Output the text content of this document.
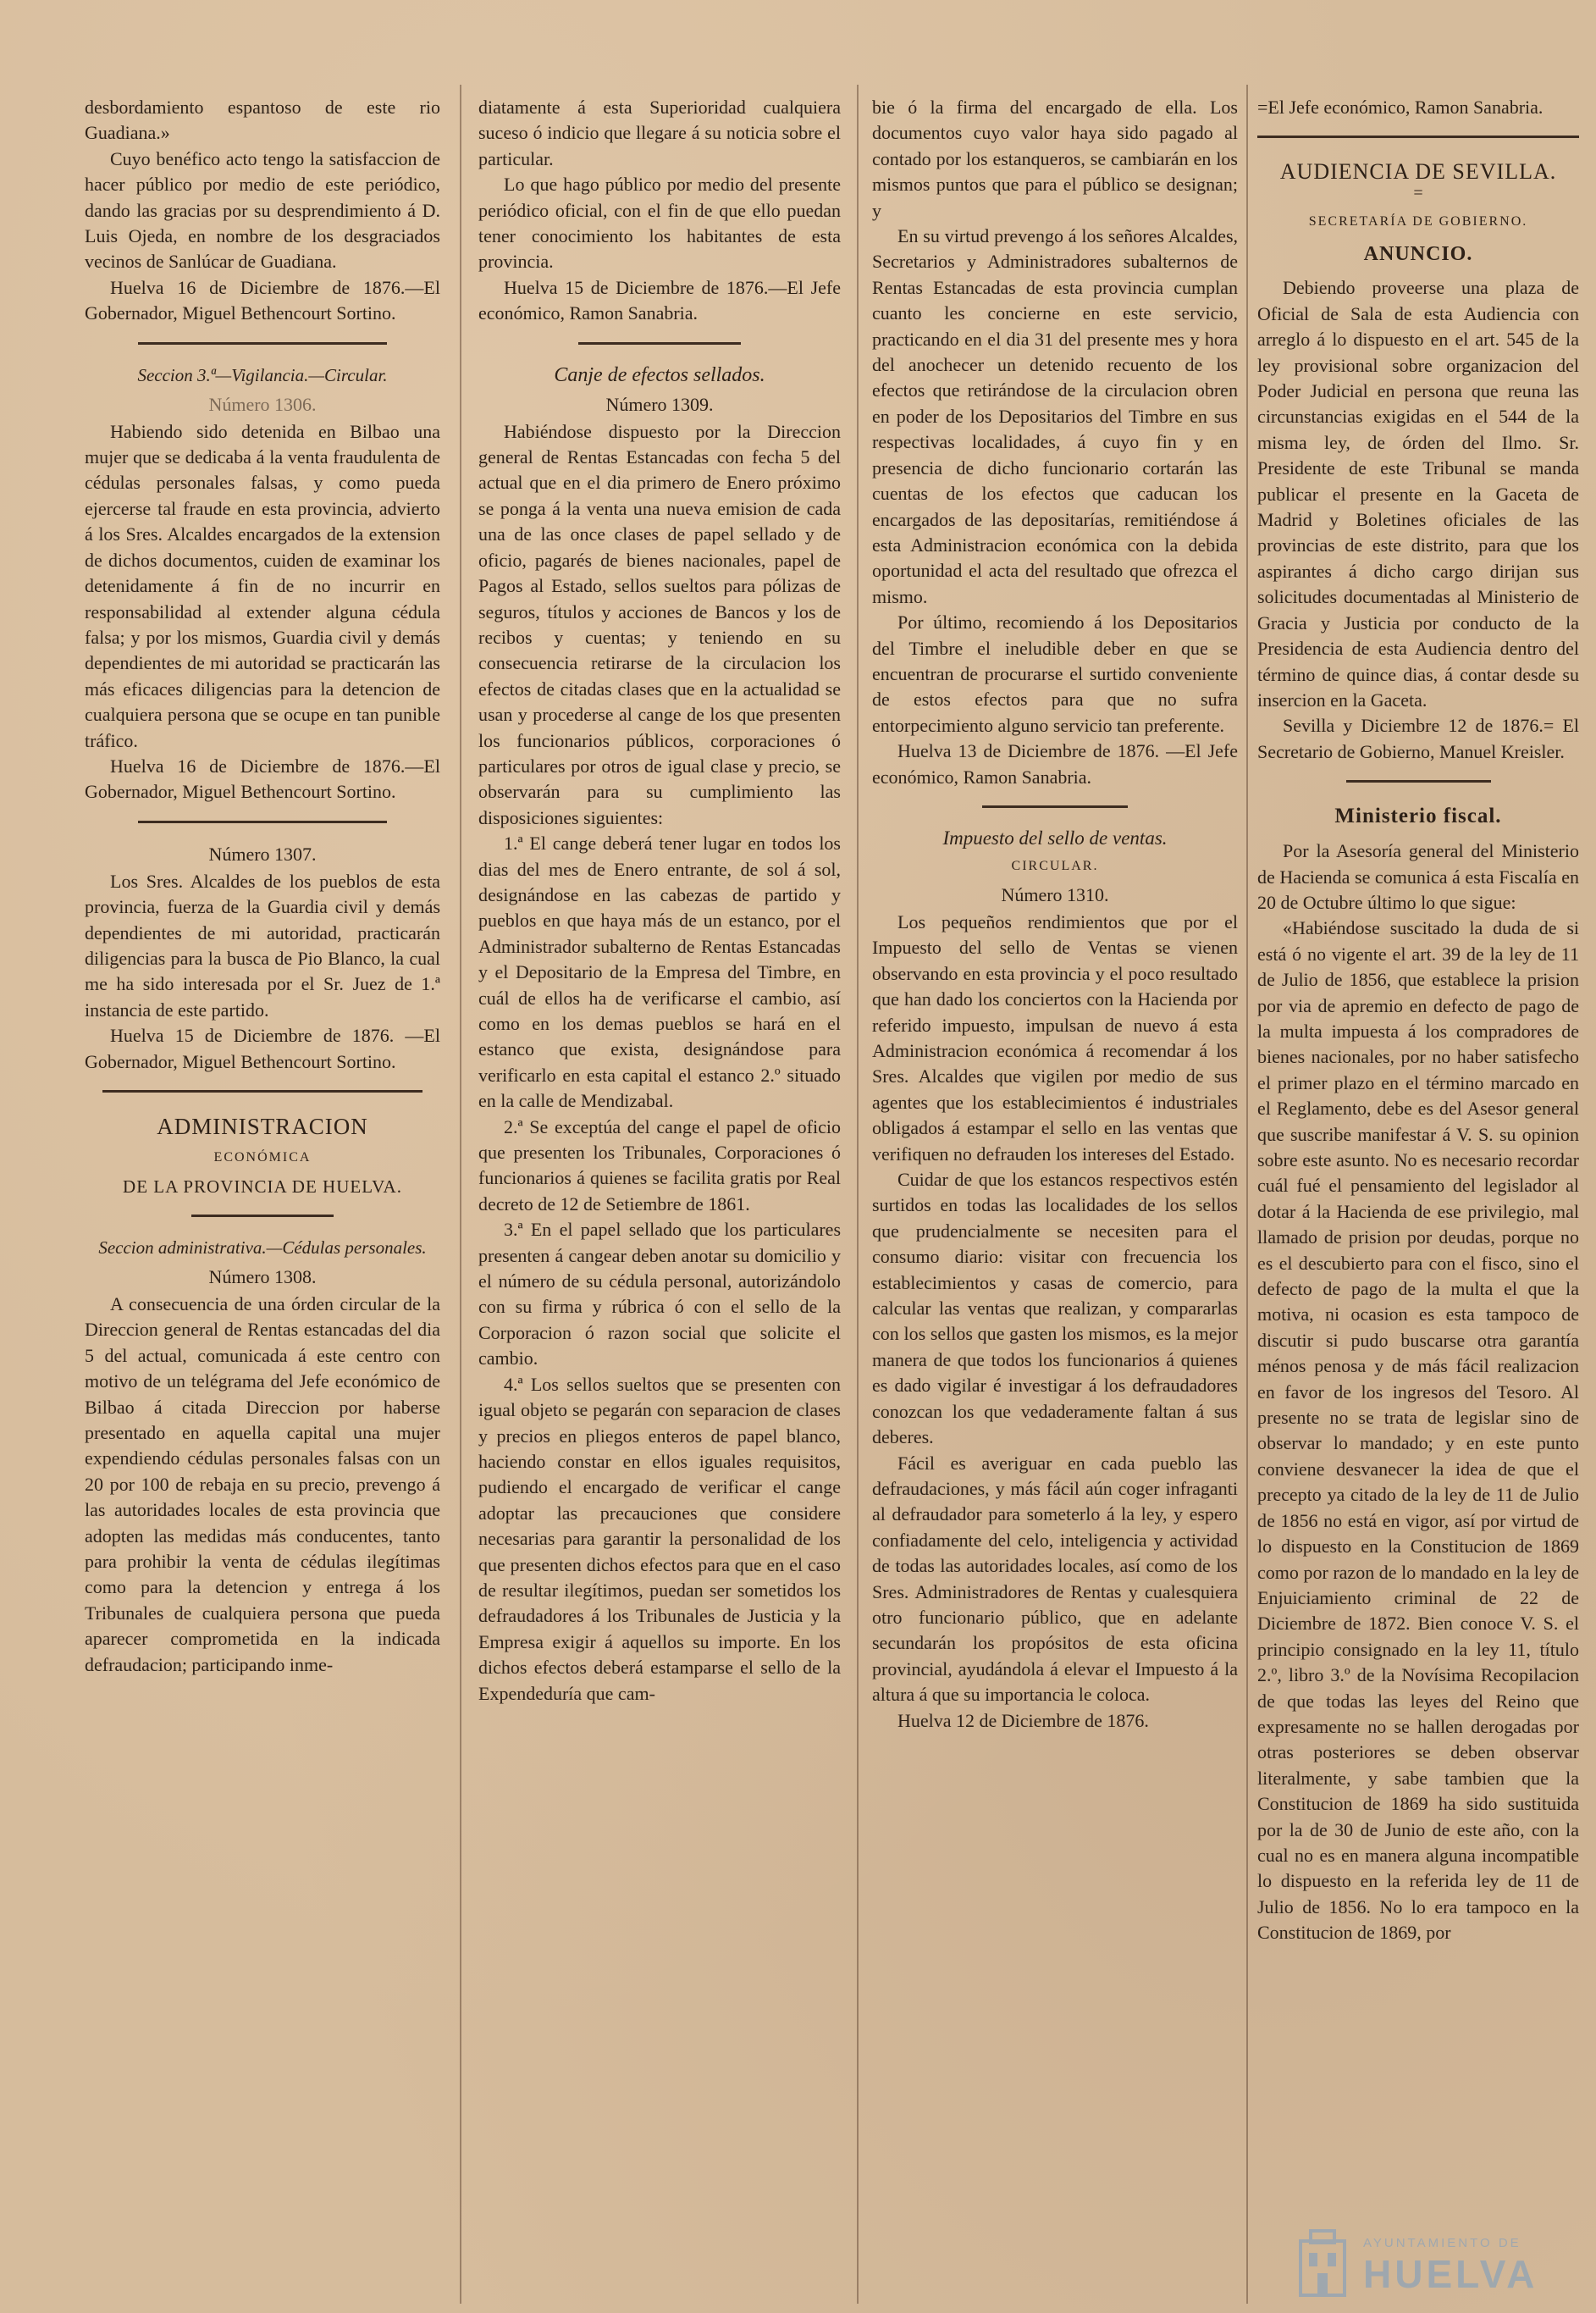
desbordamiento espantoso de este rio Guadiana.»

Cuyo benéfico acto tengo la satisfaccion de hacer público por medio de este periódico, dando las gracias por su desprendimiento á D. Luis Ojeda, en nombre de los desgraciados vecinos de Sanlúcar de Guadiana.

Huelva 16 de Diciembre de 1876.—El Gobernador, Miguel Bethencourt Sortino.

Seccion 3.ª—Vigilancia.—Circular.
Número 1306.

Habiendo sido detenida en Bilbao una mujer que se dedicaba á la venta fraudulenta de cédulas personales falsas, y como pueda ejercerse tal fraude en esta provincia, advierto á los Sres. Alcaldes encargados de la extension de dichos documentos, cuiden de examinar los detenidamente á fin de no incurrir en responsabilidad al extender alguna cédula falsa; y por los mismos, Guardia civil y demás dependientes de mi autoridad se practicarán las más eficaces diligencias para la detencion de cualquiera persona que se ocupe en tan punible tráfico.

Huelva 16 de Diciembre de 1876.—El Gobernador, Miguel Bethencourt Sortino.

Número 1307.

Los Sres. Alcaldes de los pueblos de esta provincia, fuerza de la Guardia civil y demás dependientes de mi autoridad, practicarán diligencias para la busca de Pio Blanco, la cual me ha sido interesada por el Sr. Juez de 1.ª instancia de este partido.

Huelva 15 de Diciembre de 1876. —El Gobernador, Miguel Bethencourt Sortino.

ADMINISTRACION
ECONÓMICA
DE LA PROVINCIA DE HUELVA.
Seccion administrativa.—Cédulas personales.
Número 1308.

A consecuencia de una órden circular de la Direccion general de Rentas estancadas del dia 5 del actual, comunicada á este centro con motivo de un telégrama del Jefe económico de Bilbao á citada Direccion por haberse presentado en aquella capital una mujer expendiendo cédulas personales falsas con un 20 por 100 de rebaja en su precio, prevengo á las autoridades locales de esta provincia que adopten las medidas más conducentes, tanto para prohibir la venta de cédulas ilegítimas como para la detencion y entrega á los Tribunales de cualquiera persona que pueda aparecer comprometida en la indicada defraudacion; participando inme-

diatamente á esta Superioridad cualquiera suceso ó indicio que llegare á su noticia sobre el particular.

Lo que hago público por medio del presente periódico oficial, con el fin de que ello puedan tener conocimiento los habitantes de esta provincia.

Huelva 15 de Diciembre de 1876.—El Jefe económico, Ramon Sanabria.

Canje de efectos sellados.
Número 1309.

Habiéndose dispuesto por la Direccion general de Rentas Estancadas con fecha 5 del actual que en el dia primero de Enero próximo se ponga á la venta una nueva emision de cada una de las once clases de papel sellado y de oficio, pagarés de bienes nacionales, papel de Pagos al Estado, sellos sueltos para pólizas de seguros, títulos y acciones de Bancos y los de recibos y cuentas; y teniendo en su consecuencia retirarse de la circulacion los efectos de citadas clases que en la actualidad se usan y procederse al cange de los que presenten los funcionarios públicos, corporaciones ó particulares por otros de igual clase y precio, se observarán para su cumplimiento las disposiciones siguientes:

1.ª El cange deberá tener lugar en todos los dias del mes de Enero entrante, de sol á sol, designándose en las cabezas de partido y pueblos en que haya más de un estanco, por el Administrador subalterno de Rentas Estancadas y el Depositario de la Empresa del Timbre, en cuál de ellos ha de verificarse el cambio, así como en los demas pueblos se hará en el estanco que exista, designándose para verificarlo en esta capital el estanco 2.º situado en la calle de Mendizabal.

2.ª Se exceptúa del cange el papel de oficio que presenten los Tribunales, Corporaciones ó funcionarios á quienes se facilita gratis por Real decreto de 12 de Setiembre de 1861.

3.ª En el papel sellado que los particulares presenten á cangear deben anotar su domicilio y el número de su cédula personal, autorizándolo con su firma y rúbrica ó con el sello de la Corporacion ó razon social que solicite el cambio.

4.ª Los sellos sueltos que se presenten con igual objeto se pegarán con separacion de clases y precios en pliegos enteros de papel blanco, haciendo constar en ellos iguales requisitos, pudiendo el encargado de verificar el cange adoptar las precauciones que considere necesarias para garantir la personalidad de los que presenten dichos efectos para que en el caso de resultar ilegítimos, puedan ser sometidos los defraudadores á los Tribunales de Justicia y la Empresa exigir á aquellos su importe. En los dichos efectos deberá estamparse el sello de la Expendeduría que cam-

bie ó la firma del encargado de ella. Los documentos cuyo valor haya sido pagado al contado por los estanqueros, se cambiarán en los mismos puntos que para el público se designan; y

En su virtud prevengo á los señores Alcaldes, Secretarios y Administradores subalternos de Rentas Estancadas de esta provincia cumplan cuanto les concierne en este servicio, practicando en el dia 31 del presente mes y hora del anochecer un detenido recuento de los efectos que retirándose de la circulacion obren en poder de los Depositarios del Timbre en sus respectivas localidades, á cuyo fin y en presencia de dicho funcionario cortarán las cuentas de los efectos que caducan los encargados de las depositarías, remitiéndose á esta Administracion económica con la debida oportunidad el acta del resultado que ofrezca el mismo.

Por último, recomiendo á los Depositarios del Timbre el ineludible deber en que se encuentran de procurarse el surtido conveniente de estos efectos para que no sufra entorpecimiento alguno servicio tan preferente.

Huelva 13 de Diciembre de 1876. —El Jefe económico, Ramon Sanabria.

Impuesto del sello de ventas.
CIRCULAR.
Número 1310.

Los pequeños rendimientos que por el Impuesto del sello de Ventas se vienen observando en esta provincia y el poco resultado que han dado los conciertos con la Hacienda por referido impuesto, impulsan de nuevo á esta Administracion económica á recomendar á los Sres. Alcaldes que vigilen por medio de sus agentes que los establecimientos é industriales obligados á estampar el sello en las ventas que verifiquen no defrauden los intereses del Estado.

Cuidar de que los estancos respectivos estén surtidos en todas las localidades de los sellos que prudencialmente se necesiten para el consumo diario: visitar con frecuencia los establecimientos y casas de comercio, para calcular las ventas que realizan, y compararlas con los sellos que gasten los mismos, es la mejor manera de que todos los funcionarios á quienes es dado vigilar é investigar á los defraudadores conozcan los que vedaderamente faltan á sus deberes.

Fácil es averiguar en cada pueblo las defraudaciones, y más fácil aún coger infraganti al defraudador para someterlo á la ley, y espero confiadamente del celo, inteligencia y actividad de todas las autoridades locales, así como de los Sres. Administradores de Rentas y cualesquiera otro funcionario público, que en adelante secundarán los propósitos de esta oficina provincial, ayudándola á elevar el Impuesto á la altura á que su importancia le coloca.

Huelva 12 de Diciembre de 1876.

=El Jefe económico, Ramon Sanabria.

AUDIENCIA DE SEVILLA.
=
SECRETARÍA DE GOBIERNO.
ANUNCIO.

Debiendo proveerse una plaza de Oficial de Sala de esta Audiencia con arreglo á lo dispuesto en el art. 545 de la ley provisional sobre organizacion del Poder Judicial en persona que reuna las circunstancias exigidas en el 544 de la misma ley, de órden del Ilmo. Sr. Presidente de este Tribunal se manda publicar el presente en la Gaceta de Madrid y Boletines oficiales de las provincias de este distrito, para que los aspirantes á dicho cargo dirijan sus solicitudes documentadas al Ministerio de Gracia y Justicia por conducto de la Presidencia de esta Audiencia dentro del término de quince dias, á contar desde su insercion en la Gaceta.

Sevilla y Diciembre 12 de 1876.= El Secretario de Gobierno, Manuel Kreisler.

Ministerio fiscal.

Por la Asesoría general del Ministerio de Hacienda se comunica á esta Fiscalía en 20 de Octubre último lo que sigue:

«Habiéndose suscitado la duda de si está ó no vigente el art. 39 de la ley de 11 de Julio de 1856, que establece la prision por via de apremio en defecto de pago de la multa impuesta á los compradores de bienes nacionales, por no haber satisfecho el primer plazo en el término marcado en el Reglamento, debe es del Asesor general que suscribe manifestar á V. S. su opinion sobre este asunto. No es necesario recordar cuál fué el pensamiento del legislador al dotar á la Hacienda de ese privilegio, mal llamado de prision por deudas, porque no es el descubierto para con el fisco, sino el defecto de pago de la multa el que la motiva, ni ocasion es esta tampoco de discutir si pudo buscarse otra garantía ménos penosa y de más fácil realizacion en favor de los ingresos del Tesoro. Al presente no se trata de legislar sino de observar lo mandado; y en este punto conviene desvanecer la idea de que el precepto ya citado de la ley de 11 de Julio de 1856 no está en vigor, así por virtud de lo dispuesto en la Constitucion de 1869 como por razon de lo mandado en la ley de Enjuiciamiento criminal de 22 de Diciembre de 1872. Bien conoce V. S. el principio consignado en la ley 11, título 2.º, libro 3.º de la Novísima Recopilacion de que todas las leyes del Reino que expresamente no se hallen derogadas por otras posteriores se deben observar literalmente, y sabe tambien que la Constitucion de 1869 ha sido sustituida por la de 30 de Junio de este año, con la cual no es en manera alguna incompatible lo dispuesto en la referida ley de 11 de Julio de 1856. No lo era tampoco en la Constitucion de 1869, por

AYUNTAMIENTO DE
HUELVA
